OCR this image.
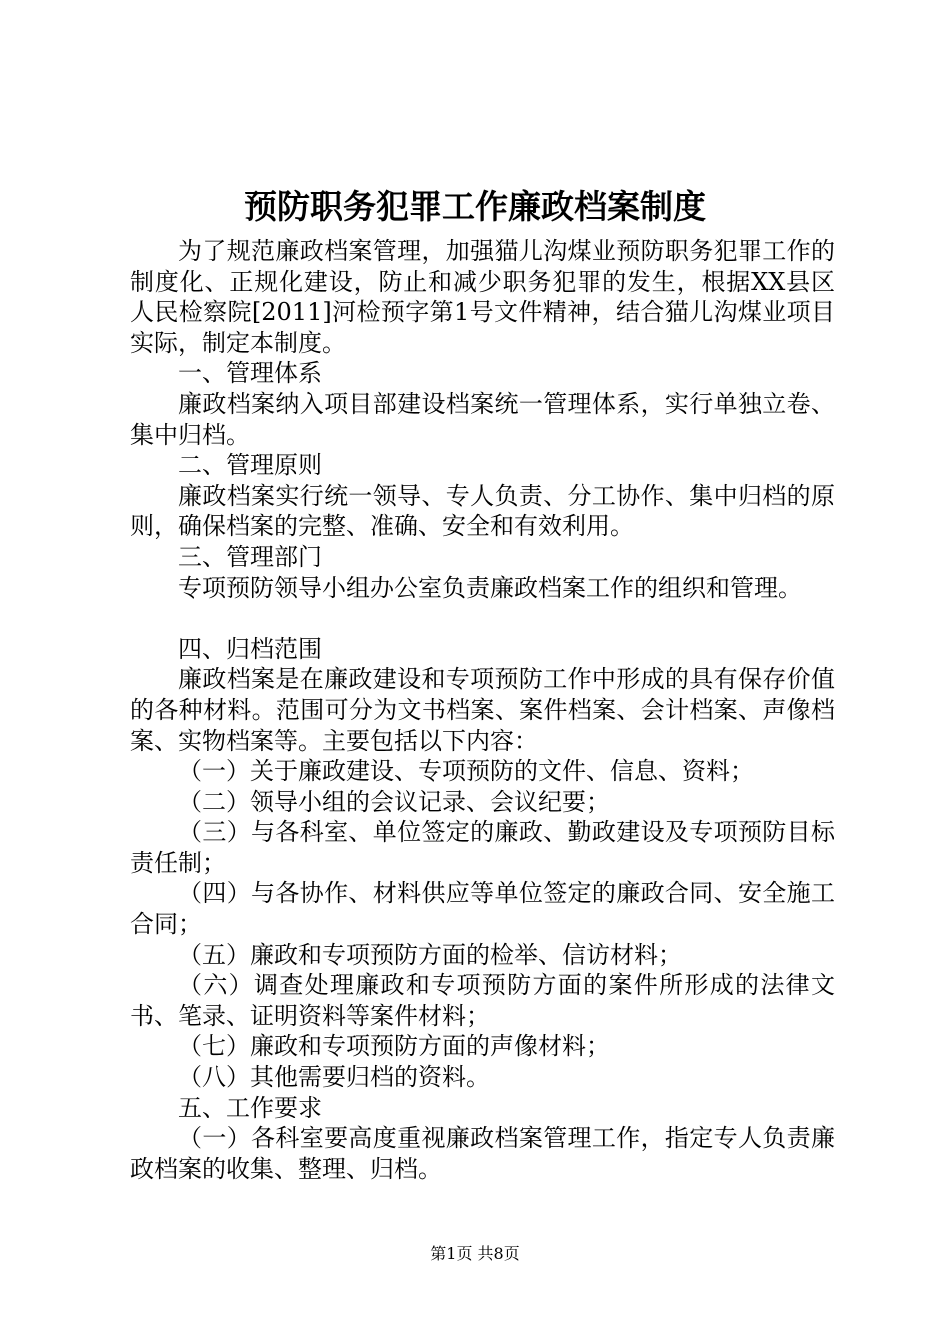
预防职务犯罪工作廉政档案制度

为了规范廉政档案管理，加强猫儿沟煤业预防职务犯罪工作的制度化、正规化建设，防止和减少职务犯罪的发生，根据XX县区人民检察院[2011]河检预字第1号文件精神，结合猫儿沟煤业项目实际，制定本制度。

一、管理体系

廉政档案纳入项目部建设档案统一管理体系，实行单独立卷、集中归档。

二、管理原则

廉政档案实行统一领导、专人负责、分工协作、集中归档的原则，确保档案的完整、准确、安全和有效利用。

三、管理部门

专项预防领导小组办公室负责廉政档案工作的组织和管理。

四、归档范围

廉政档案是在廉政建设和专项预防工作中形成的具有保存价值的各种材料。范围可分为文书档案、案件档案、会计档案、声像档案、实物档案等。主要包括以下内容：

（一）关于廉政建设、专项预防的文件、信息、资料；

（二）领导小组的会议记录、会议纪要；

（三）与各科室、单位签定的廉政、勤政建设及专项预防目标责任制；

（四）与各协作、材料供应等单位签定的廉政合同、安全施工合同；

（五）廉政和专项预防方面的检举、信访材料；

（六）调查处理廉政和专项预防方面的案件所形成的法律文书、笔录、证明资料等案件材料；

（七）廉政和专项预防方面的声像材料；

（八）其他需要归档的资料。

五、工作要求

（一）各科室要高度重视廉政档案管理工作，指定专人负责廉政档案的收集、整理、归档。

第1页 共8页
